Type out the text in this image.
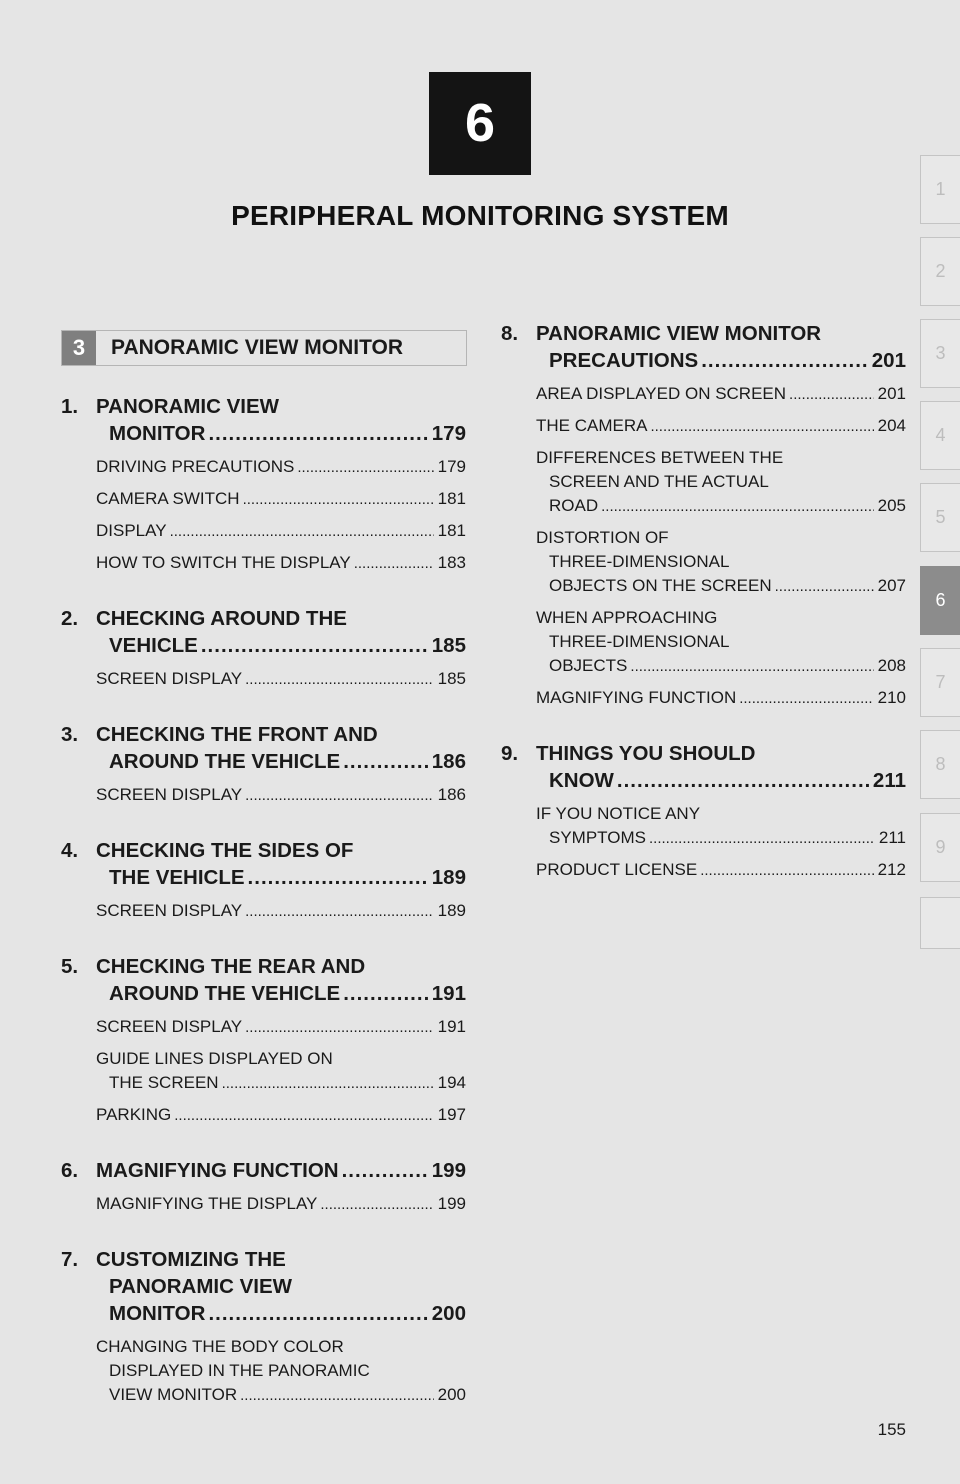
6
PERIPHERAL MONITORING SYSTEM
1
2
3
4
5
6
7
8
9
3	PANORAMIC VIEW MONITOR
1. PANORAMIC VIEW
MONITOR .....	179
DRIVING PRECAUTIONS .....	179
CAMERA SWITCH .....	181
DISPLAY .....	181
HOW TO SWITCH THE DISPLAY .....	183
2. CHECKING AROUND THE
VEHICLE .....	185
SCREEN DISPLAY .....	185
3. CHECKING THE FRONT AND
AROUND THE VEHICLE .....	186
SCREEN DISPLAY .....	186
4. CHECKING THE SIDES OF
THE VEHICLE .....	189
SCREEN DISPLAY .....	189
5. CHECKING THE REAR AND
AROUND THE VEHICLE .....	191
SCREEN DISPLAY .....	191
GUIDE LINES DISPLAYED ON
THE SCREEN .....	194
PARKING .....	197
6. MAGNIFYING FUNCTION .....	199
MAGNIFYING THE DISPLAY .....	199
7. CUSTOMIZING THE
PANORAMIC VIEW
MONITOR .....	200
CHANGING THE BODY COLOR
DISPLAYED IN THE PANORAMIC
VIEW MONITOR .....	200
8. PANORAMIC VIEW MONITOR
PRECAUTIONS .....	201
AREA DISPLAYED ON SCREEN .....	201
THE CAMERA .....	204
DIFFERENCES BETWEEN THE
SCREEN AND THE ACTUAL
ROAD .....	205
DISTORTION OF
THREE-DIMENSIONAL
OBJECTS ON THE SCREEN .....	207
WHEN APPROACHING
THREE-DIMENSIONAL
OBJECTS .....	208
MAGNIFYING FUNCTION .....	210
9. THINGS YOU SHOULD
KNOW .....	211
IF YOU NOTICE ANY
SYMPTOMS .....	211
PRODUCT LICENSE .....	212
155
